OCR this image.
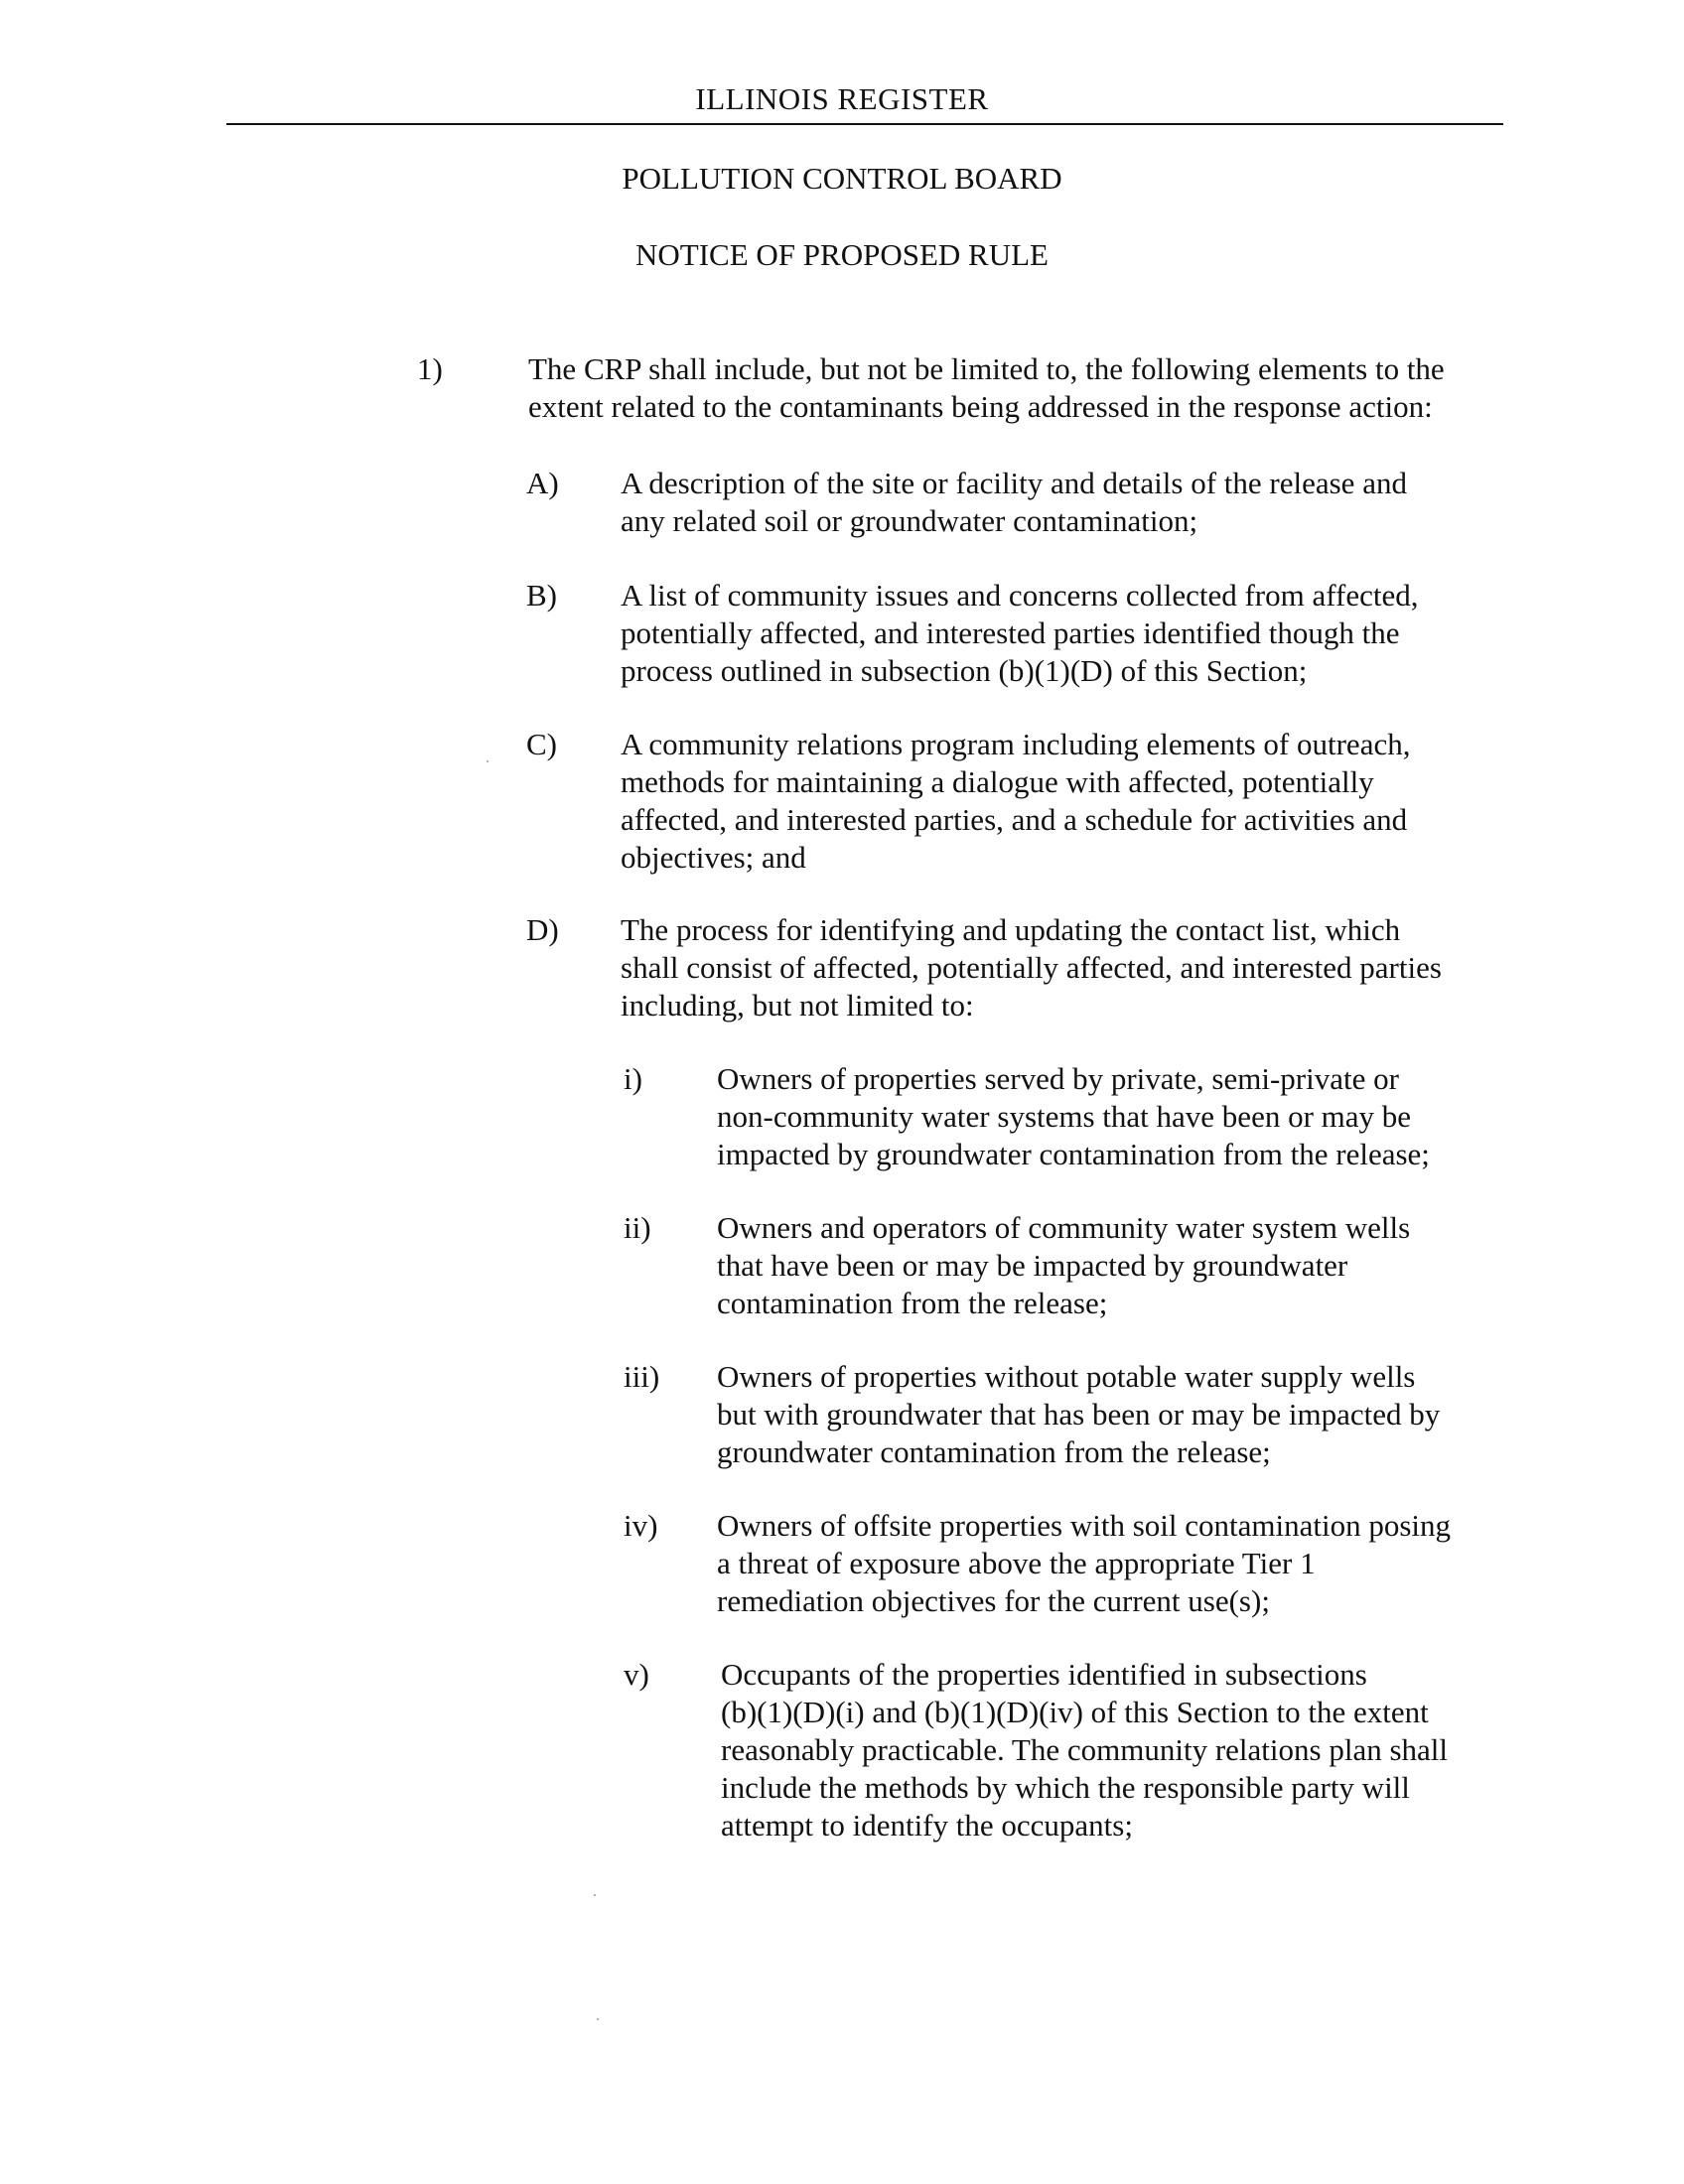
ILLINOIS REGISTER
POLLUTION CONTROL BOARD
NOTICE OF PROPOSED RULE
1)	The CRP shall include, but not be limited to, the following elements to the
extent related to the contaminants being addressed in the response action:
A) A description of the site or facility and details of the release and
any related soil or groundwater contamination;
B) A list of community issues and concerns collected from affected,
potentially affected, and interested parties identified though the
process outlined in subsection (b)(1)(D) of this Section;
C) A community relations program including elements of outreach,
methods for maintaining a dialogue with affected, potentially
affected, and interested parties, and a schedule for activities and
objectives; and
D) The process for identifying and updating the contact list, which
shall consist of affected, potentially affected, and interested parties
including, but not limited to:
i) Owners of properties served by private, semi-private or
non-community water systems that have been or may be
impacted by groundwater contamination from the release;
ii) Owners and operators of community water system wells
that have been or may be impacted by groundwater
contamination from the release;
iii) Owners of properties without potable water supply wells
but with groundwater that has been or may be impacted by
groundwater contamination from the release;
iv) Owners of offsite properties with soil contamination posing
a threat of exposure above the appropriate Tier 1
remediation objectives for the current use(s);
v) Occupants of the properties identified in subsections
(b)(1)(D)(i) and (b)(1)(D)(iv) of this Section to the extent
reasonably practicable. The community relations plan shall
include the methods by which the responsible party will
attempt to identify the occupants;
